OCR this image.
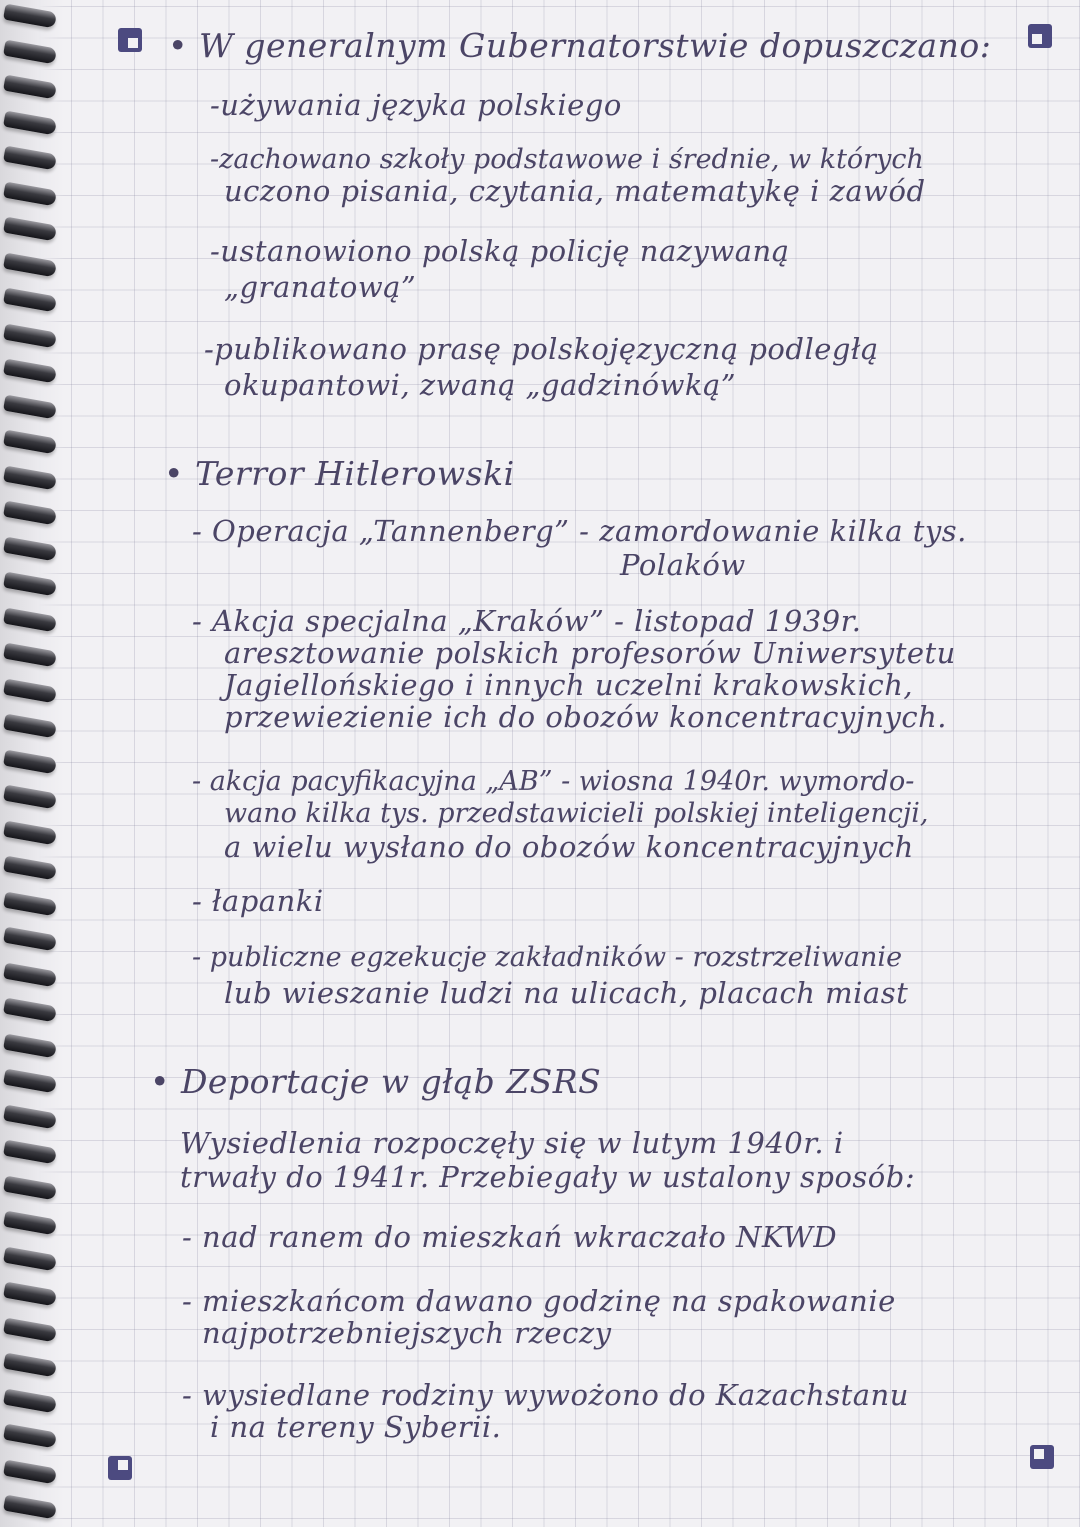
• W generalnym Gubernatorstwie dopuszczano:
-używania języka polskiego
-zachowano szkoły podstawowe i średnie, w których
uczono pisania, czytania, matematykę i zawód
-ustanowiono polską policję nazywaną
„granatową”
-publikowano prasę polskojęzyczną podległą
okupantowi, zwaną „gadzinówką”
• Terror Hitlerowski
- Operacja „Tannenberg” - zamordowanie kilka tys.
Polaków
- Akcja specjalna „Kraków” - listopad 1939r.
aresztowanie polskich profesorów Uniwersytetu
Jagiellońskiego i innych uczelni krakowskich,
przewiezienie ich do obozów koncentracyjnych.
- akcja pacyfikacyjna „AB” - wiosna 1940r. wymordo-
wano kilka tys. przedstawicieli polskiej inteligencji,
a wielu wysłano do obozów koncentracyjnych
- łapanki
- publiczne egzekucje zakładników - rozstrzeliwanie
lub wieszanie ludzi na ulicach, placach miast
• Deportacje w głąb ZSRS
Wysiedlenia rozpoczęły się w lutym 1940r. i
trwały do 1941r. Przebiegały w ustalony sposób:
- nad ranem do mieszkań wkraczało NKWD
- mieszkańcom dawano godzinę na spakowanie
najpotrzebniejszych rzeczy
- wysiedlane rodziny wywożono do Kazachstanu
i na tereny Syberii.
